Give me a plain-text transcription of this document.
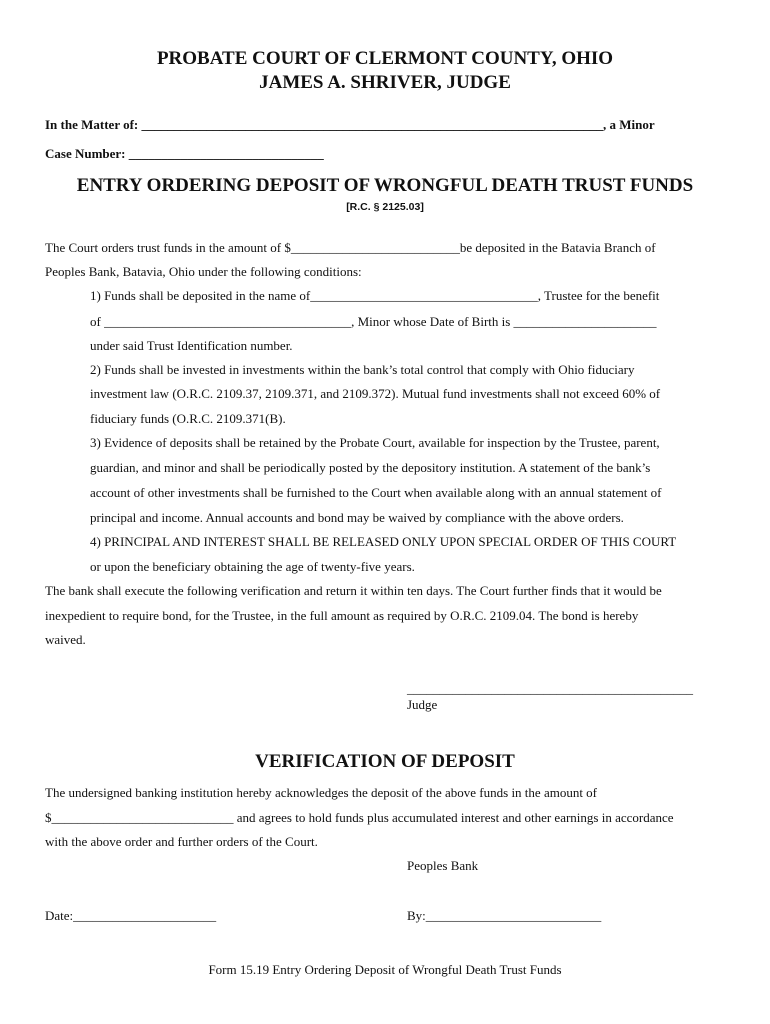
PROBATE COURT OF CLERMONT COUNTY, OHIO
JAMES A. SHRIVER, JUDGE
In the Matter of: _______________________________________________________________________, a Minor
Case Number: ______________________________
ENTRY ORDERING DEPOSIT OF WRONGFUL DEATH TRUST FUNDS
[R.C. § 2125.03]
The Court orders trust funds in the amount of $__________________________be deposited in the Batavia Branch of
Peoples Bank, Batavia, Ohio under the following conditions:
1) Funds shall be deposited in the name of___________________________________, Trustee for the benefit
of ______________________________________, Minor whose Date of Birth is ______________________
under said Trust Identification number.
2) Funds shall be invested in investments within the bank’s total control that comply with Ohio fiduciary
investment law (O.R.C. 2109.37, 2109.371, and 2109.372). Mutual fund investments shall not exceed 60% of
fiduciary funds (O.R.C. 2109.371(B).
3) Evidence of deposits shall be retained by the Probate Court, available for inspection by the Trustee, parent,
guardian, and minor and shall be periodically posted by the depository institution. A statement of the bank’s
account of other investments shall be furnished to the Court when available along with an annual statement of
principal and income. Annual accounts and bond may be waived by compliance with the above orders.
4) PRINCIPAL AND INTEREST SHALL BE RELEASED ONLY UPON SPECIAL ORDER OF THIS COURT
or upon the beneficiary obtaining the age of twenty-five years.
The bank shall execute the following verification and return it within ten days. The Court further finds that it would be
inexpedient to require bond, for the Trustee, in the full amount as required by O.R.C. 2109.04. The bond is hereby
waived.
____________________________________________
Judge
VERIFICATION OF DEPOSIT
The undersigned banking institution hereby acknowledges the deposit of the above funds in the amount of
$____________________________ and agrees to hold funds plus accumulated interest and other earnings in accordance
with the above order and further orders of the Court.
Peoples Bank
Date:______________________	By:___________________________
Form 15.19 Entry Ordering Deposit of Wrongful Death Trust Funds
